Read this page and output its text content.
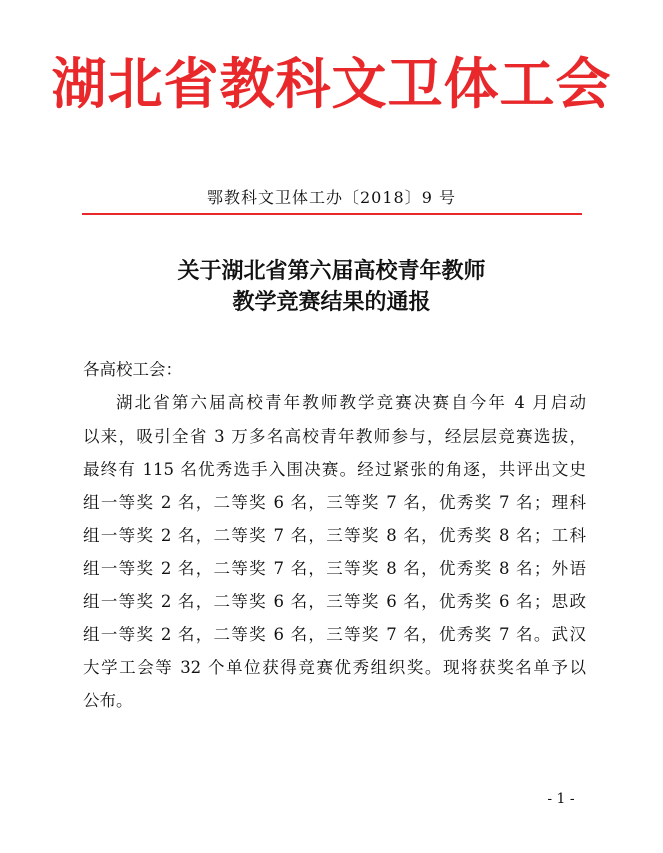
湖北省教科文卫体工会
鄂教科文卫体工办〔2018〕9 号
关于湖北省第六届高校青年教师
教学竞赛结果的通报
各高校工会：
湖北省第六届高校青年教师教学竞赛决赛自今年 4 月启动
以来，吸引全省 3 万多名高校青年教师参与，经层层竞赛选拔，
最终有 115 名优秀选手入围决赛。经过紧张的角逐，共评出文史
组一等奖 2 名，二等奖 6 名，三等奖 7 名，优秀奖 7 名；理科
组一等奖 2 名，二等奖 7 名，三等奖 8 名，优秀奖 8 名；工科
组一等奖 2 名，二等奖 7 名，三等奖 8 名，优秀奖 8 名；外语
组一等奖 2 名，二等奖 6 名，三等奖 6 名，优秀奖 6 名；思政
组一等奖 2 名，二等奖 6 名，三等奖 7 名，优秀奖 7 名。武汉
大学工会等 32 个单位获得竞赛优秀组织奖。现将获奖名单予以
公布。
- 1 -
